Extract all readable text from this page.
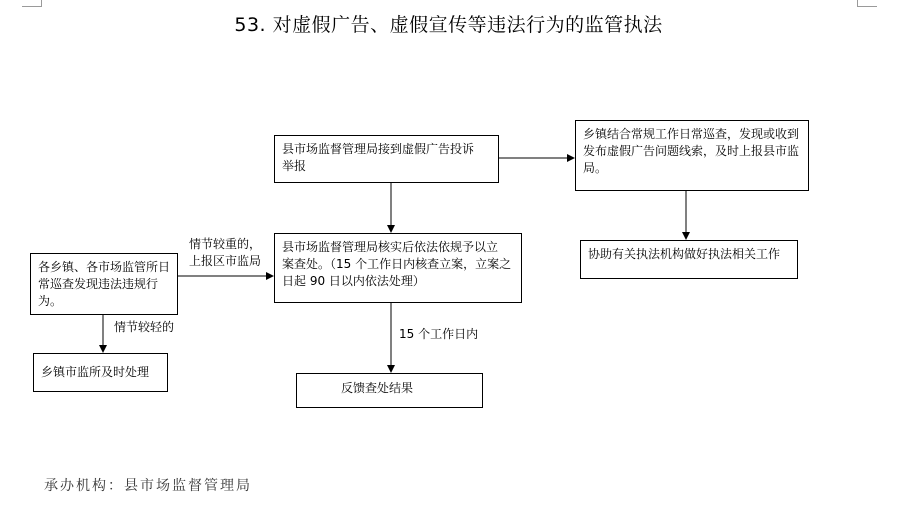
53. 对虚假广告、虚假宣传等违法行为的监管执法
县市场监督管理局接到虚假广告投诉
举报
乡镇结合常规工作日常巡查，发现或收到
发布虚假广告问题线索，及时上报县市监
局。
协助有关执法机构做好执法相关工作
县市场监督管理局核实后依法依规予以立
案查处。（15 个工作日内核查立案，立案之
日起 90 日以内依法处理）
各乡镇、各市场监管所日
常巡查发现违法违规行
为。
乡镇市监所及时处理
反馈查处结果
情节较重的，
上报区市监局
情节较轻的	15 个工作日内
承办机构：县市场监督管理局
